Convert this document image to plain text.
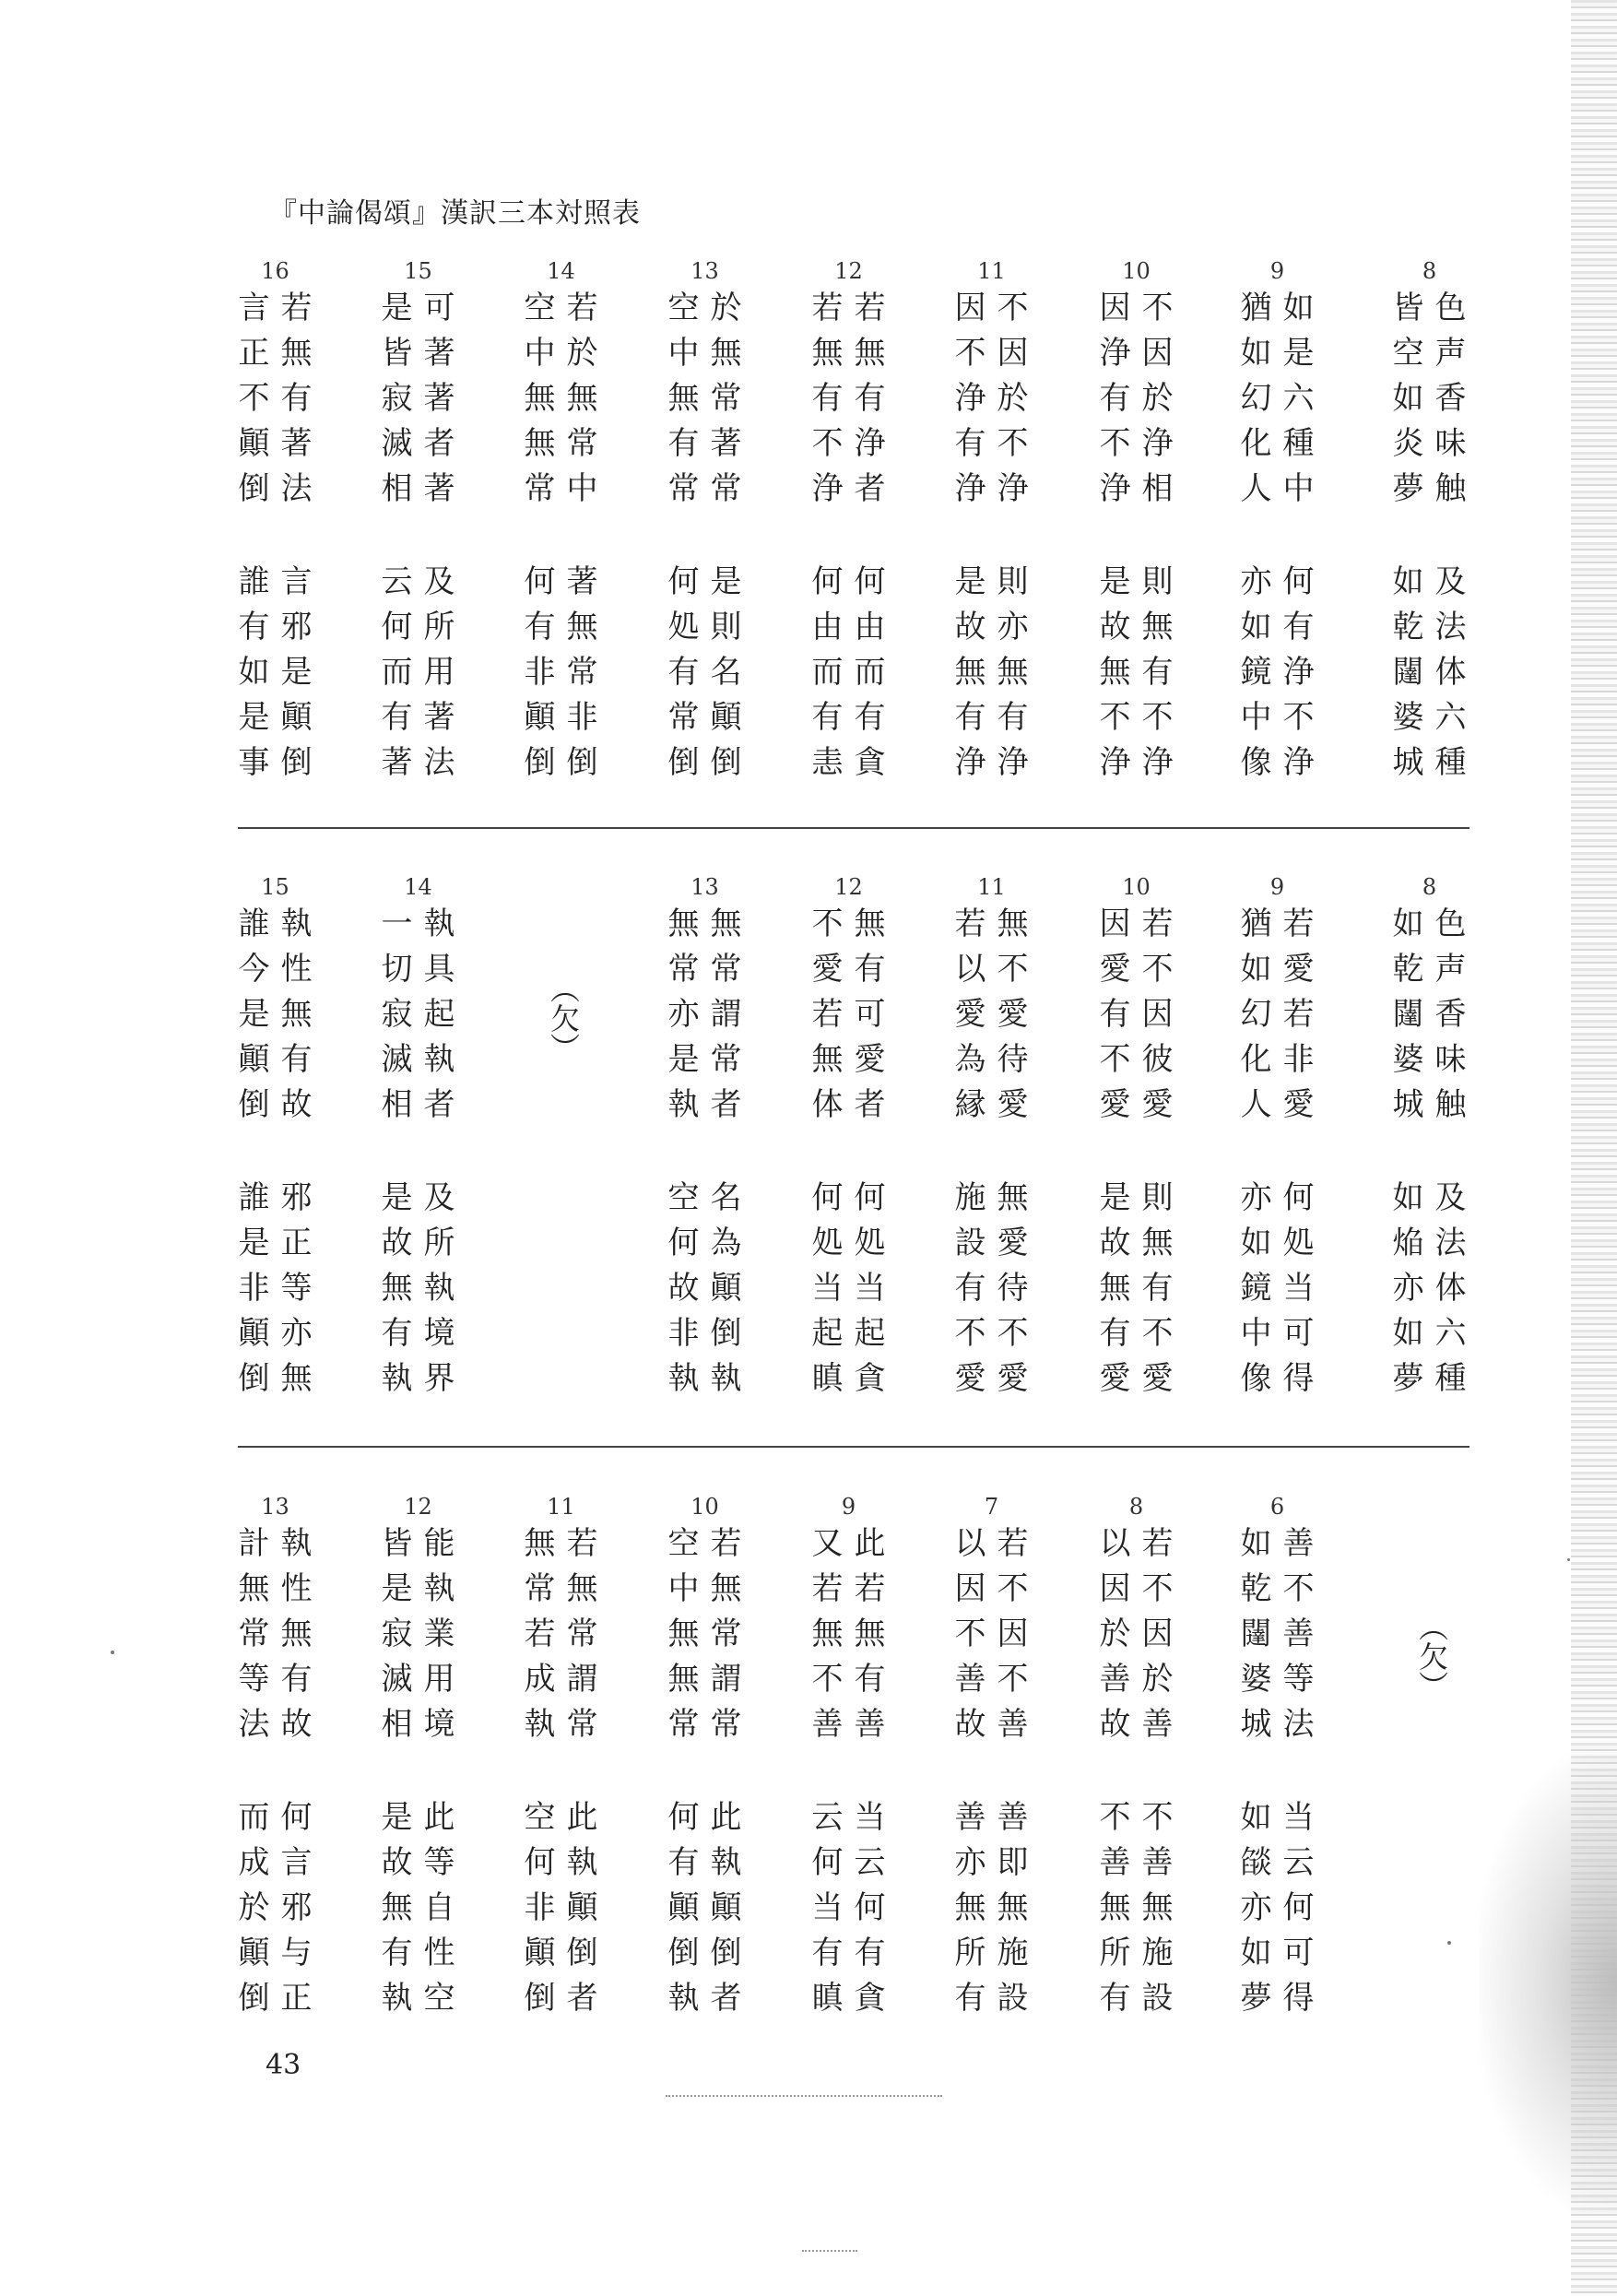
『中論偈頌』漢訳三本対照表
16
言若
正無
不有
顚著
倒法
誰言
有邪
如是
是顚
事倒
15
是可
皆著
寂著
滅者
相著
云及
何所
而用
有著
著法
14
空若
中於
無無
無常
常中
何著
有無
非常
顚非
倒倒
13
空於
中無
無常
有著
常常
何是
処則
有名
常顚
倒倒
12
若若
無無
有有
不浄
浄者
何何
由由
而而
有有
恚貪
11
因不
不因
浄於
有不
浄浄
是則
故亦
無無
有有
浄浄
10
因不
浄因
有於
不浄
浄相
是則
故無
無有
不不
浄浄
9
猶如
如是
幻六
化種
人中
亦何
如有
鏡浄
中不
像浄
8
皆色
空声
如香
炎味
夢触
如及
乾法
闥体
婆六
城種
15
誰執
今性
是無
顚有
倒故
誰邪
是正
非等
顚亦
倒無
14
一執
切具
寂起
滅執
相者
是及
故所
無執
有境
執界
（欠）
13
無無
常常
亦謂
是常
執者
空名
何為
故顚
非倒
執執
12
不無
愛有
若可
無愛
体者
何何
処処
当当
起起
瞋貪
11
若無
以不
愛愛
為待
縁愛
施無
設愛
有待
不不
愛愛
10
因若
愛不
有因
不彼
愛愛
是則
故無
無有
有不
愛愛
9
猶若
如愛
幻若
化非
人愛
亦何
如処
鏡当
中可
像得
8
如色
乾声
闥香
婆味
城触
如及
焔法
亦体
如六
夢種
13
計執
無性
常無
等有
法故
而何
成言
於邪
顚与
倒正
12
皆能
是執
寂業
滅用
相境
是此
故等
無自
有性
執空
11
無若
常無
若常
成謂
執常
空此
何執
非顚
顚倒
倒者
10
空若
中無
無常
無謂
常常
何此
有執
顚顚
倒倒
執者
9
又此
若若
無無
不有
善善
云当
何云
当何
有有
瞋貪
7
以若
因不
不因
善不
故善
善善
亦即
無無
所施
有設
8
以若
因不
於因
善於
故善
不不
善善
無無
所施
有設
6
如善
乾不
闥善
婆等
城法
如当
燄云
亦何
如可
夢得
（欠）
43
